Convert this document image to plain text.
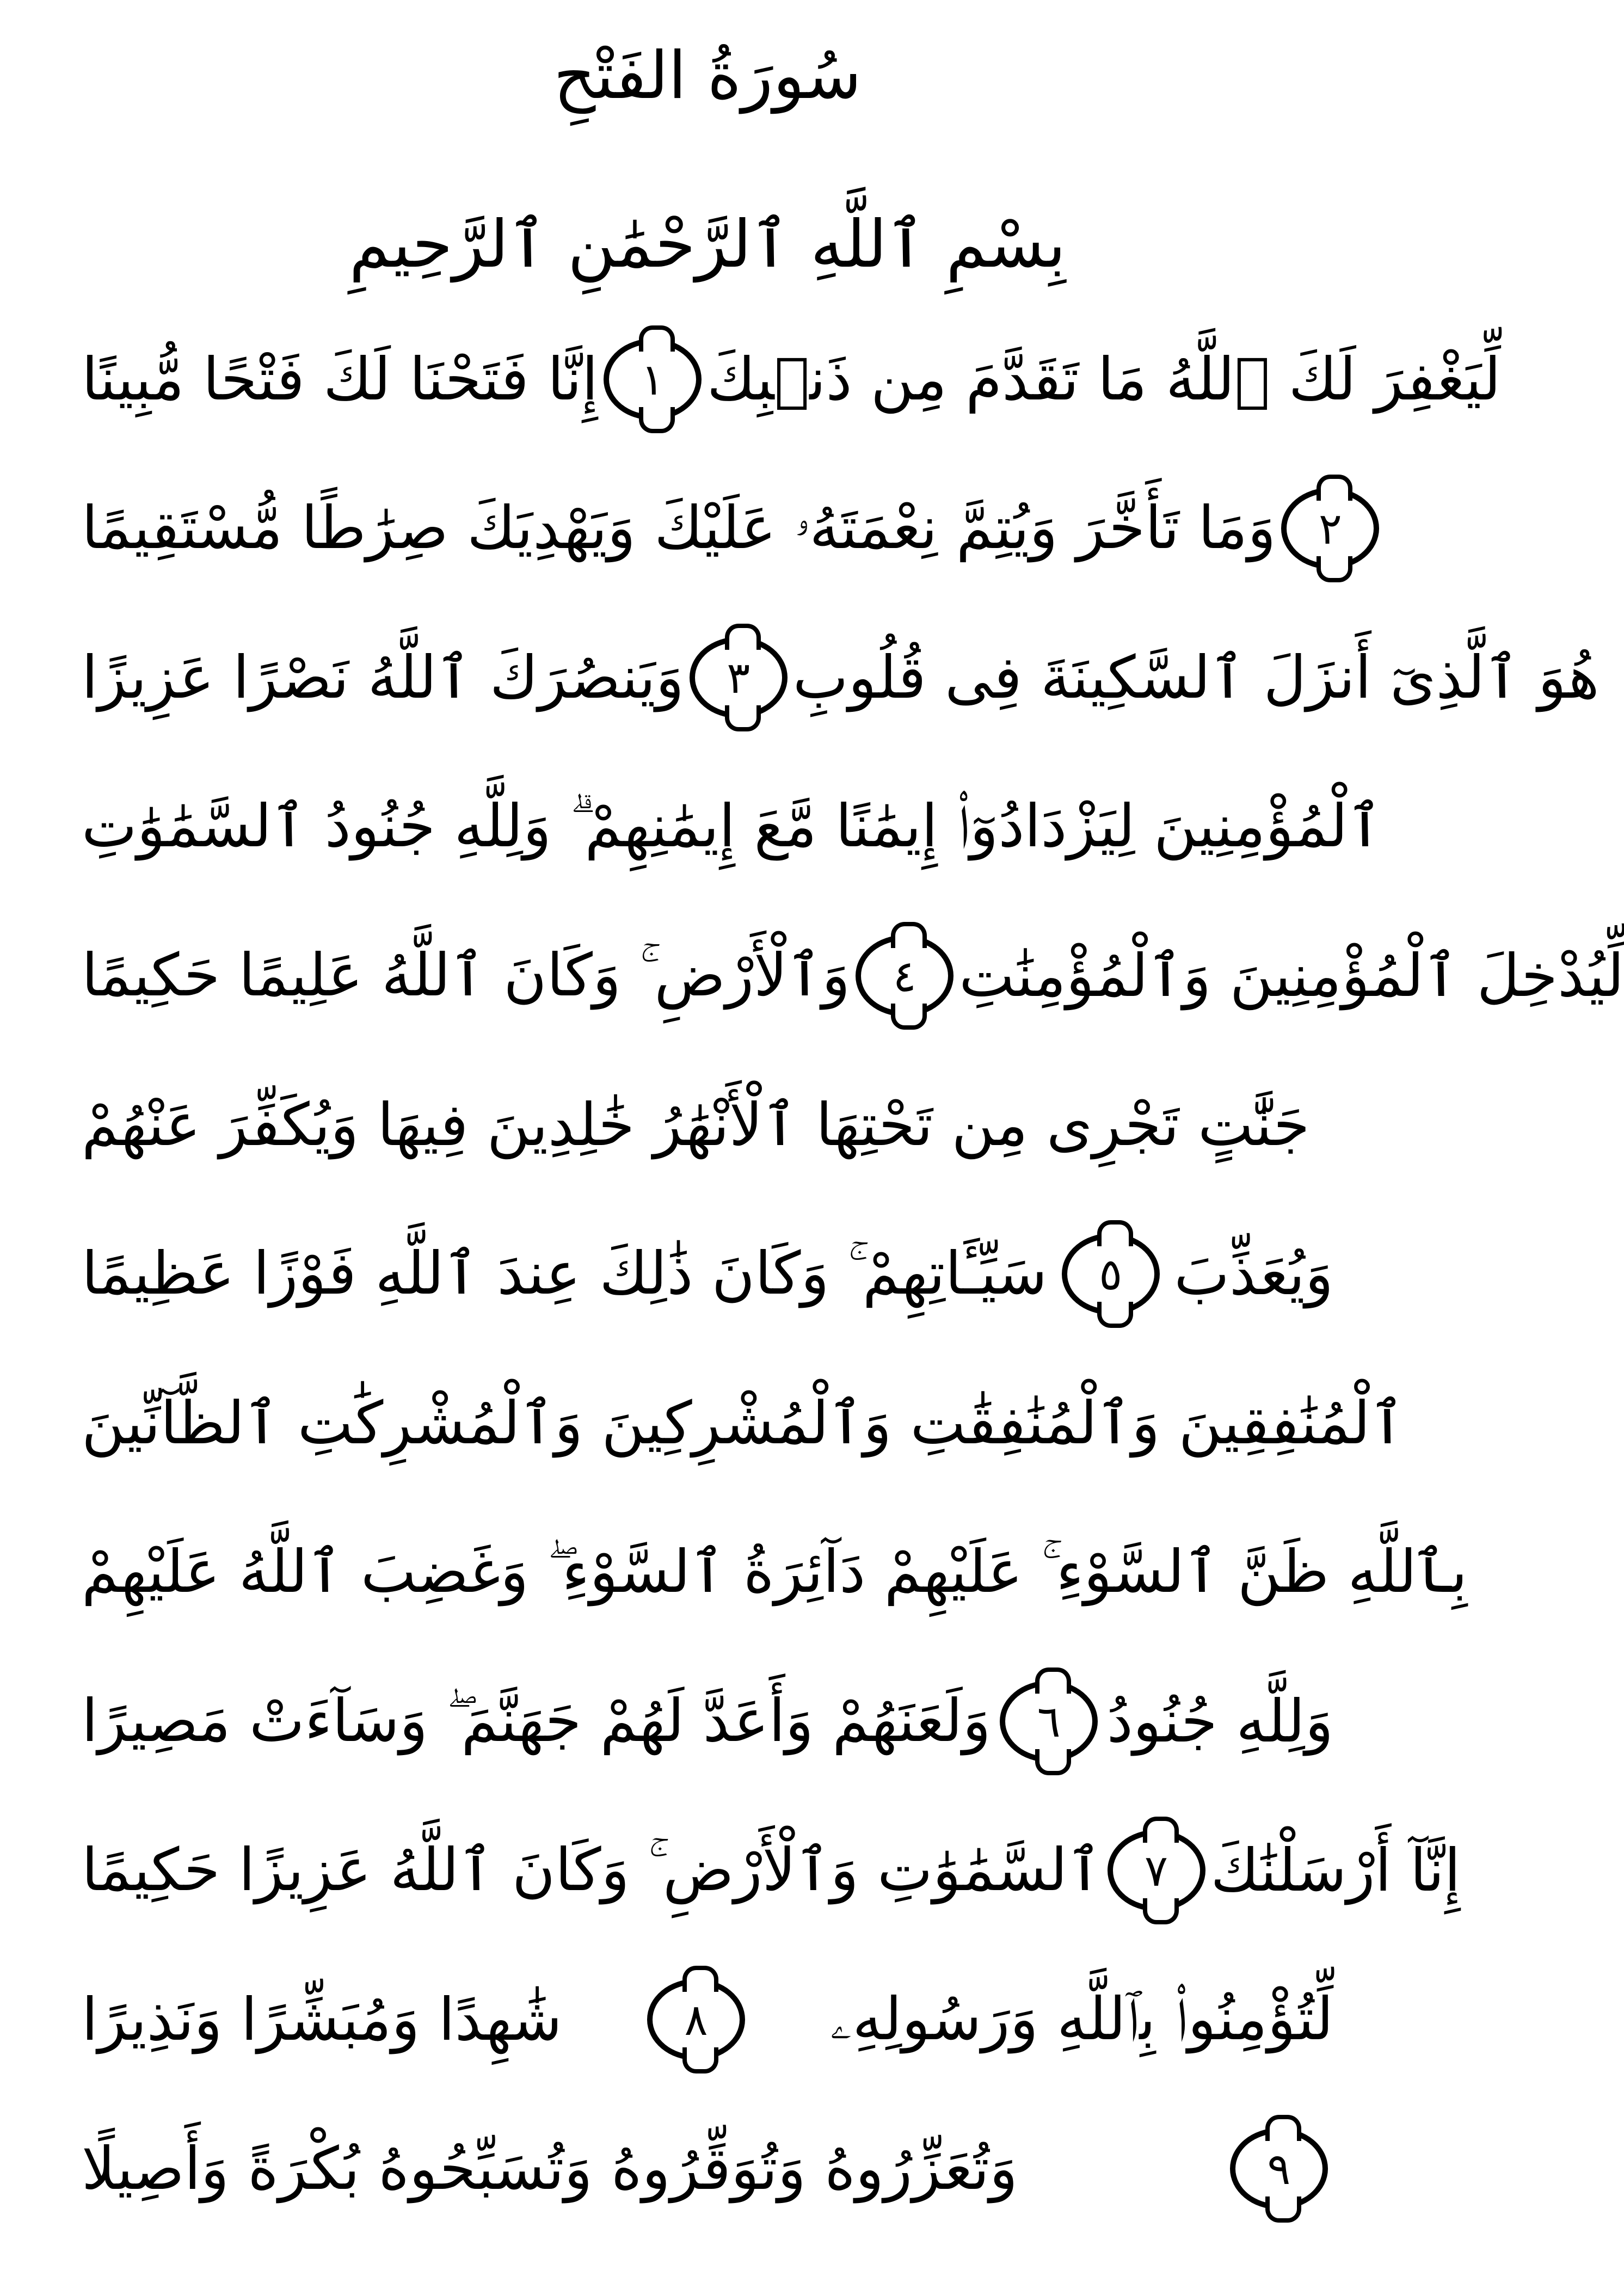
سُورَةُ الفَتْحِ
بِسْمِ ٱللَّهِ ٱلرَّحْمَٰنِ ٱلرَّحِيمِ
إِنَّا فَتَحْنَا لَكَ فَتْحًا مُّبِينًا ١ لِّيَغْفِرَ لَكَ ٱللَّهُ مَا تَقَدَّمَ مِن ذَنۢبِكَ
وَمَا تَأَخَّرَ وَيُتِمَّ نِعْمَتَهُۥ عَلَيْكَ وَيَهْدِيَكَ صِرَٰطًا مُّسْتَقِيمًا ٢
وَيَنصُرَكَ ٱللَّهُ نَصْرًا عَزِيزًا ٣ هُوَ ٱلَّذِىٓ أَنزَلَ ٱلسَّكِينَةَ فِى قُلُوبِ
ٱلْمُؤْمِنِينَ لِيَزْدَادُوٓا۟ إِيمَٰنًا مَّعَ إِيمَٰنِهِمْ ۗ وَلِلَّهِ جُنُودُ ٱلسَّمَٰوَٰتِ
وَٱلْأَرْضِ ۚ وَكَانَ ٱللَّهُ عَلِيمًا حَكِيمًا ٤ لِّيُدْخِلَ ٱلْمُؤْمِنِينَ وَٱلْمُؤْمِنَٰتِ
جَنَّٰتٍ تَجْرِى مِن تَحْتِهَا ٱلْأَنْهَٰرُ خَٰلِدِينَ فِيهَا وَيُكَفِّرَ عَنْهُمْ
سَيِّـَٔاتِهِمْ ۚ وَكَانَ ذَٰلِكَ عِندَ ٱللَّهِ فَوْزًا عَظِيمًا	٥ وَيُعَذِّبَ
ٱلْمُنَٰفِقِينَ وَٱلْمُنَٰفِقَٰتِ وَٱلْمُشْرِكِينَ وَٱلْمُشْرِكَٰتِ ٱلظَّآنِّينَ
بِٱللَّهِ ظَنَّ ٱلسَّوْءِ ۚ عَلَيْهِمْ دَآئِرَةُ ٱلسَّوْءِ ۖ وَغَضِبَ ٱللَّهُ عَلَيْهِمْ
وَلَعَنَهُمْ وَأَعَدَّ لَهُمْ جَهَنَّمَ ۖ وَسَآءَتْ مَصِيرًا	٦ وَلِلَّهِ جُنُودُ
ٱلسَّمَٰوَٰتِ وَٱلْأَرْضِ ۚ وَكَانَ ٱللَّهُ عَزِيزًا حَكِيمًا ٧ إِنَّآ أَرْسَلْنَٰكَ
شَٰهِدًا وَمُبَشِّرًا وَنَذِيرًا	٨	لِّتُؤْمِنُوا۟ بِٱللَّهِ وَرَسُولِهِۦ
وَتُعَزِّرُوهُ وَتُوَقِّرُوهُ وَتُسَبِّحُوهُ بُكْرَةً وَأَصِيلًا	٩
